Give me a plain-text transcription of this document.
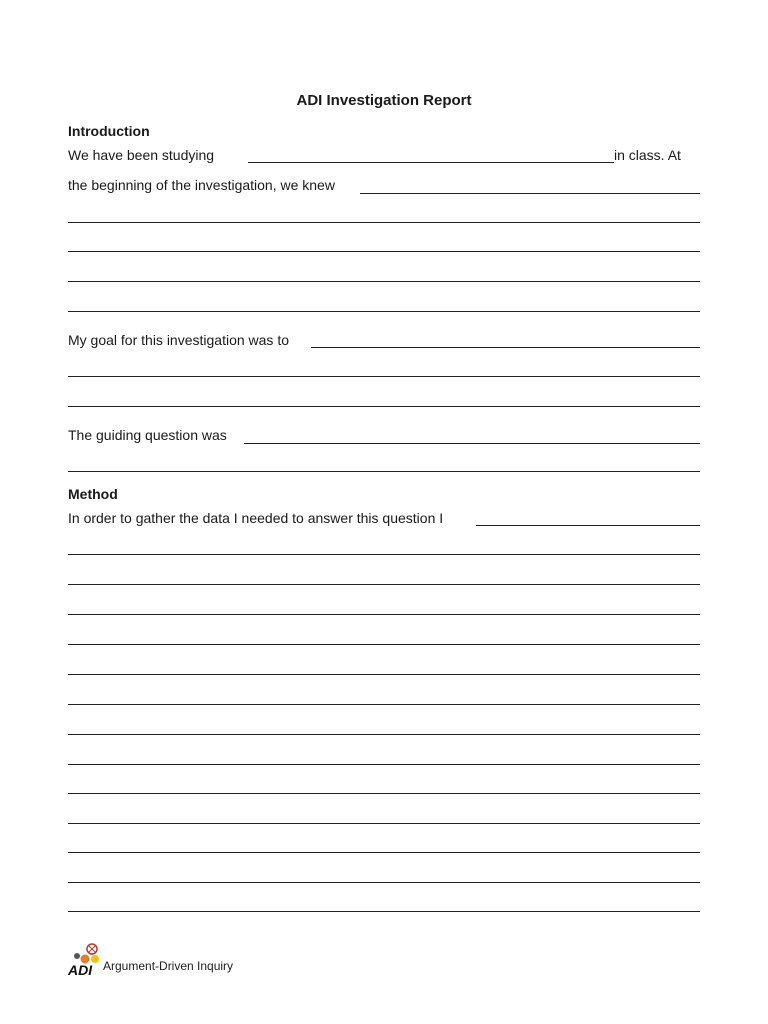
ADI Investigation Report
Introduction
We have been studying	in class. At
the beginning of the investigation, we knew
My goal for this investigation was to
The guiding question was
Method
In order to gather the data I needed to answer this question I
ADI Argument-Driven Inquiry
